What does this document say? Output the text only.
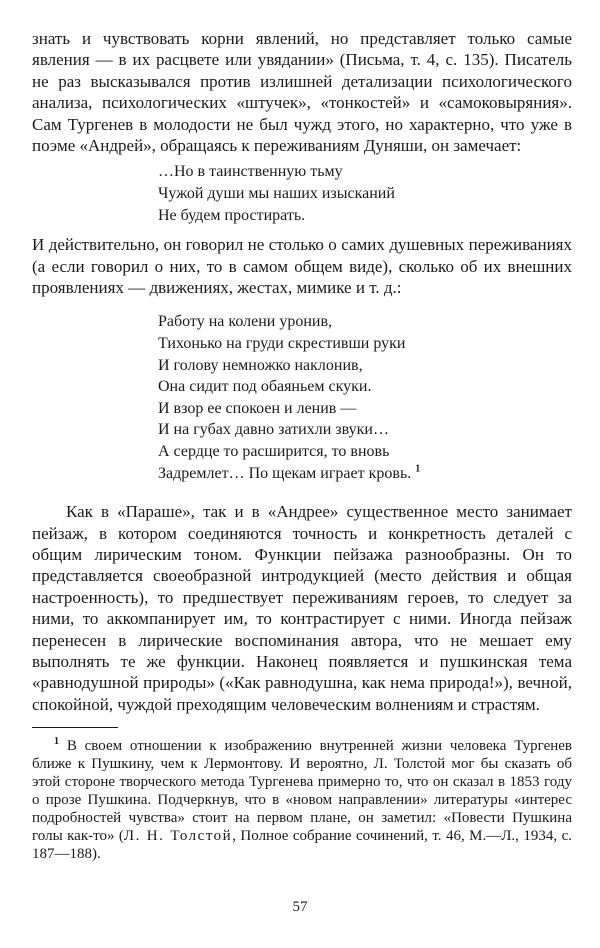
знать и чувствовать корни явлений, но представляет только самые явления — в их расцвете или увядании» (Письма, т. 4, с. 135). Писатель не раз высказывался против излишней детализации психологического анализа, психологических «штучек», «тонкостей» и «самоковыряния». Сам Тургенев в молодости не был чужд этого, но характерно, что уже в поэме «Андрей», обращаясь к переживаниям Дуняши, он замечает:

…Но в таинственную тьму
Чужой души мы наших изысканий
Не будем простирать.

И действительно, он говорил не столько о самих душевных переживаниях (а если говорил о них, то в самом общем виде), сколько об их внешних проявлениях — движениях, жестах, мимике и т. д.:

Работу на колени уронив,
Тихонько на груди скрестивши руки
И голову немножко наклонив,
Она сидит под обаяньем скуки.
И взор ее спокоен и ленив —
И на губах давно затихли звуки…
А сердце то расширится, то вновь
Задремлет… По щекам играет кровь. $^1$

Как в «Параше», так и в «Андрее» существенное место занимает пейзаж, в котором соединяются точность и конкретность деталей с общим лирическим тоном. Функции пейзажа разнообразны. Он то представляется своеобразной интродукцией (место действия и общая настроенность), то предшествует переживаниям героев, то следует за ними, то аккомпанирует им, то контрастирует с ними. Иногда пейзаж перенесен в лирические воспоминания автора, что не мешает ему выполнять те же функции. Наконец появляется и пушкинская тема «равнодушной природы» («Как равнодушна, как нема природа!»), вечной, спокойной, чуждой преходящим человеческим волнениям и страстям.

$^1$ В своем отношении к изображению внутренней жизни человека Тургенев ближе к Пушкину, чем к Лермонтову. И вероятно, Л. Толстой мог бы сказать об этой стороне творческого метода Тургенева примерно то, что он сказал в 1853 году о прозе Пушкина. Подчеркнув, что в «новом направлении» литературы «интерес подробностей чувства» стоит на первом плане, он заметил: «Повести Пушкина голы как-то» (Л. Н. Толстой, Полное собрание сочинений, т. 46, М.—Л., 1934, с. 187—188).

57
